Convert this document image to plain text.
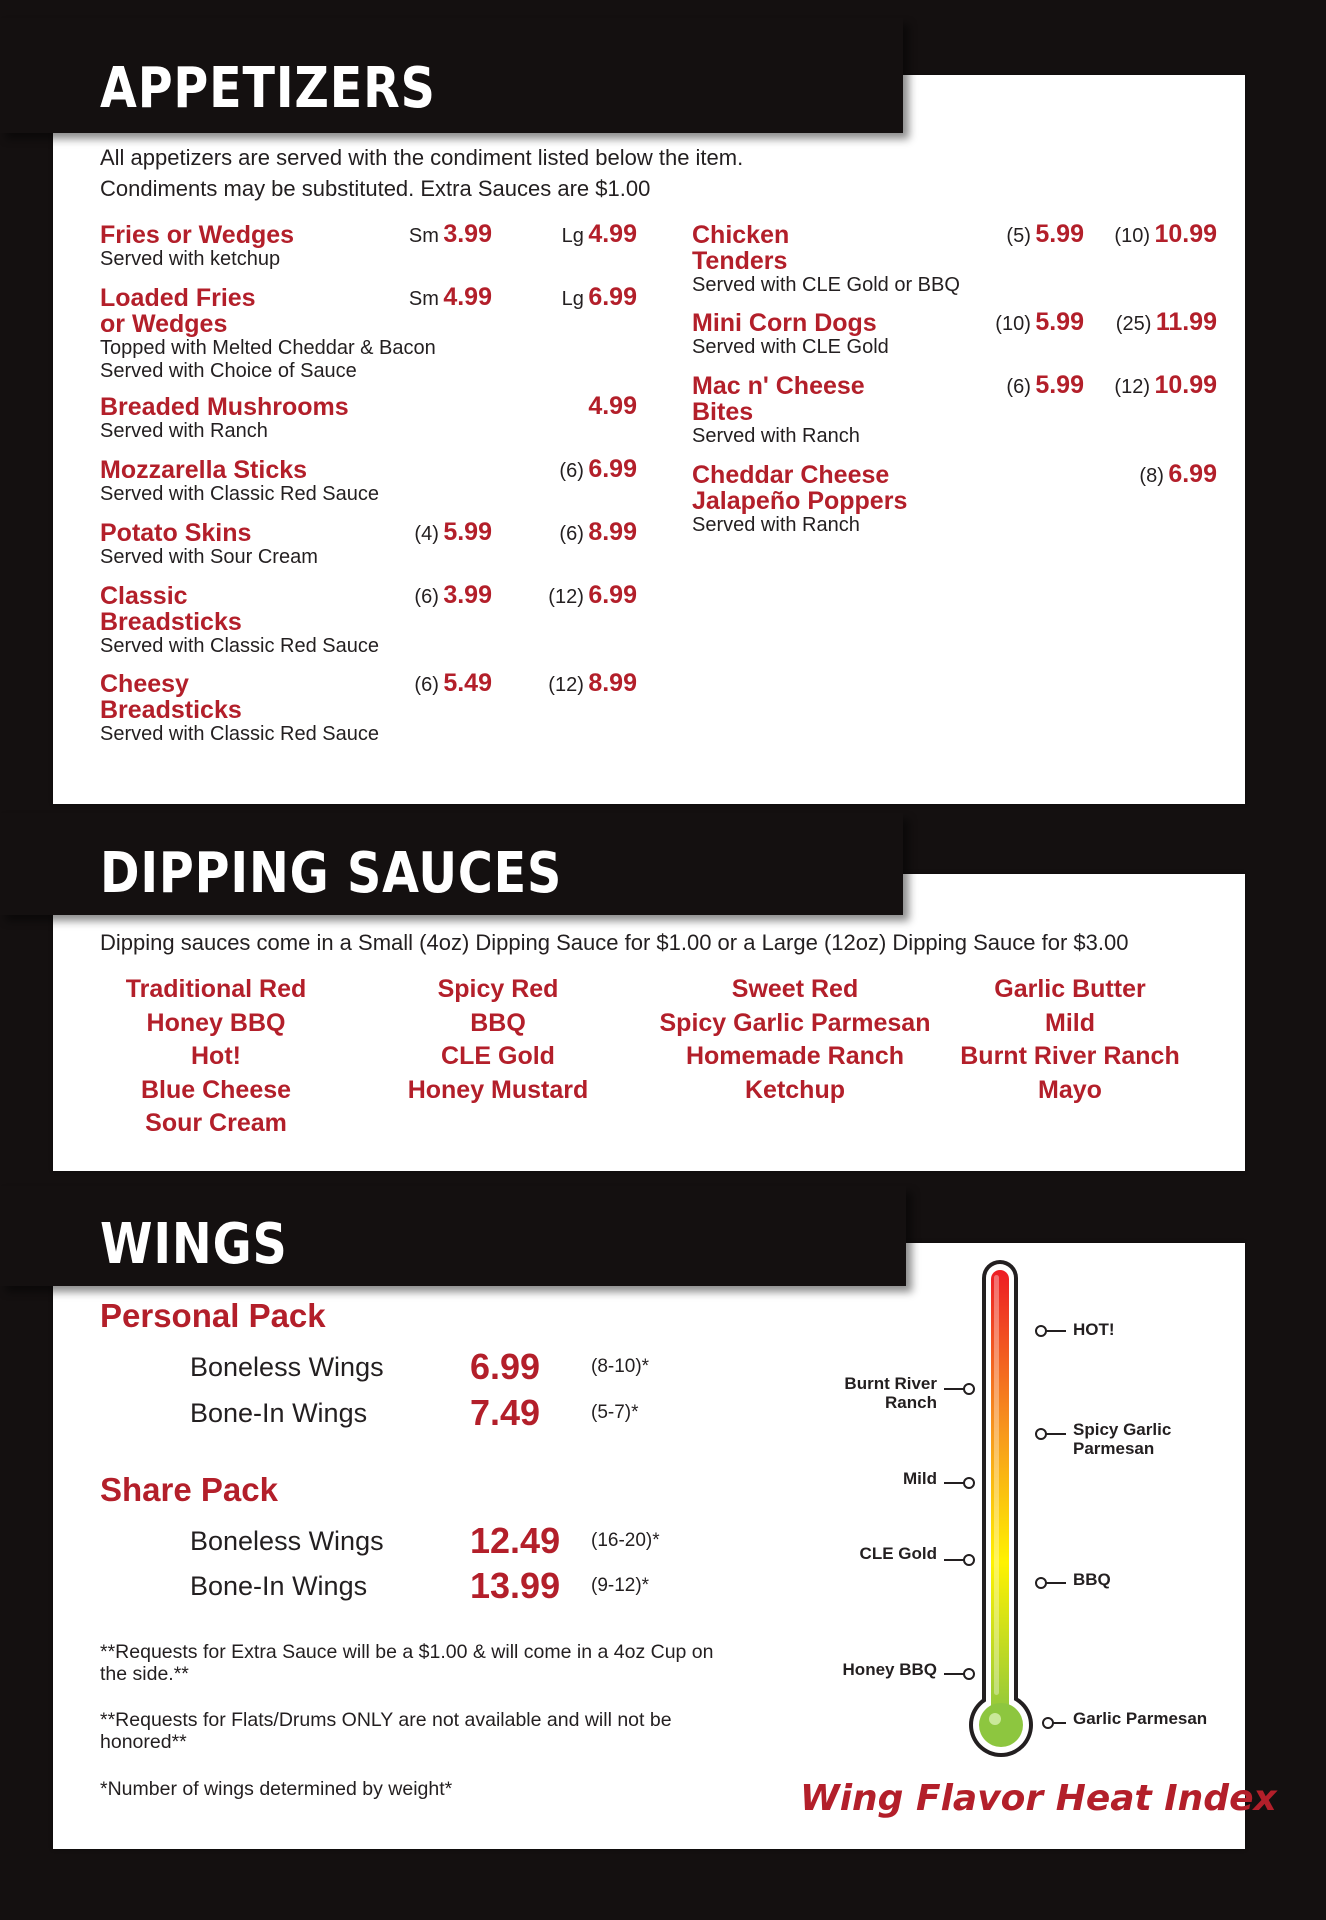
APPETIZERS
All appetizers are served with the condiment listed below the item.
Condiments may be substituted. Extra Sauces are $1.00
Fries or Wedges
Served with ketchup
Sm 3.99	Lg 4.99
Loaded Fries
or Wedges
Topped with Melted Cheddar & Bacon
Served with Choice of Sauce
Sm 4.99	Lg 6.99
Breaded Mushrooms
Served with Ranch
4.99
Mozzarella Sticks
Served with Classic Red Sauce
(6) 6.99
Potato Skins
Served with Sour Cream
(4) 5.99	(6) 8.99
Classic
Breadsticks
Served with Classic Red Sauce
(6) 3.99	(12) 6.99
Cheesy
Breadsticks
Served with Classic Red Sauce
(6) 5.49	(12) 8.99
Chicken
Tenders
Served with CLE Gold or BBQ
(5) 5.99 (10) 10.99
Mini Corn Dogs
Served with CLE Gold
(10) 5.99 (25) 11.99
Mac n' Cheese
Bites
Served with Ranch
(6) 5.99 (12) 10.99
Cheddar Cheese
Jalapeño Poppers
Served with Ranch
(8) 6.99
DIPPING SAUCES
Dipping sauces come in a Small (4oz) Dipping Sauce for $1.00 or a Large (12oz) Dipping Sauce for $3.00
Traditional Red
Honey BBQ
Hot!
Blue Cheese
Sour Cream
Spicy Red
BBQ
CLE Gold
Honey Mustard
Sweet Red
Spicy Garlic Parmesan
Homemade Ranch
Ketchup
Garlic Butter
Mild
Burnt River Ranch
Mayo
WINGS
Personal Pack
Boneless Wings 6.99	(8-10)*
Bone-In Wings	7.49	(5-7)*
Share Pack
Boneless Wings 12.49 (16-20)*
Bone-In Wings	13.99 (9-12)*
**Requests for Extra Sauce will be a $1.00 & will come in a 4oz Cup on the side.**
**Requests for Flats/Drums ONLY are not available and will not be honored**
*Number of wings determined by weight*
HOT!
Spicy Garlic
Parmesan
BBQ
Garlic Parmesan
Burnt River
Ranch
Mild
CLE Gold
Honey BBQ
Wing Flavor Heat Index
